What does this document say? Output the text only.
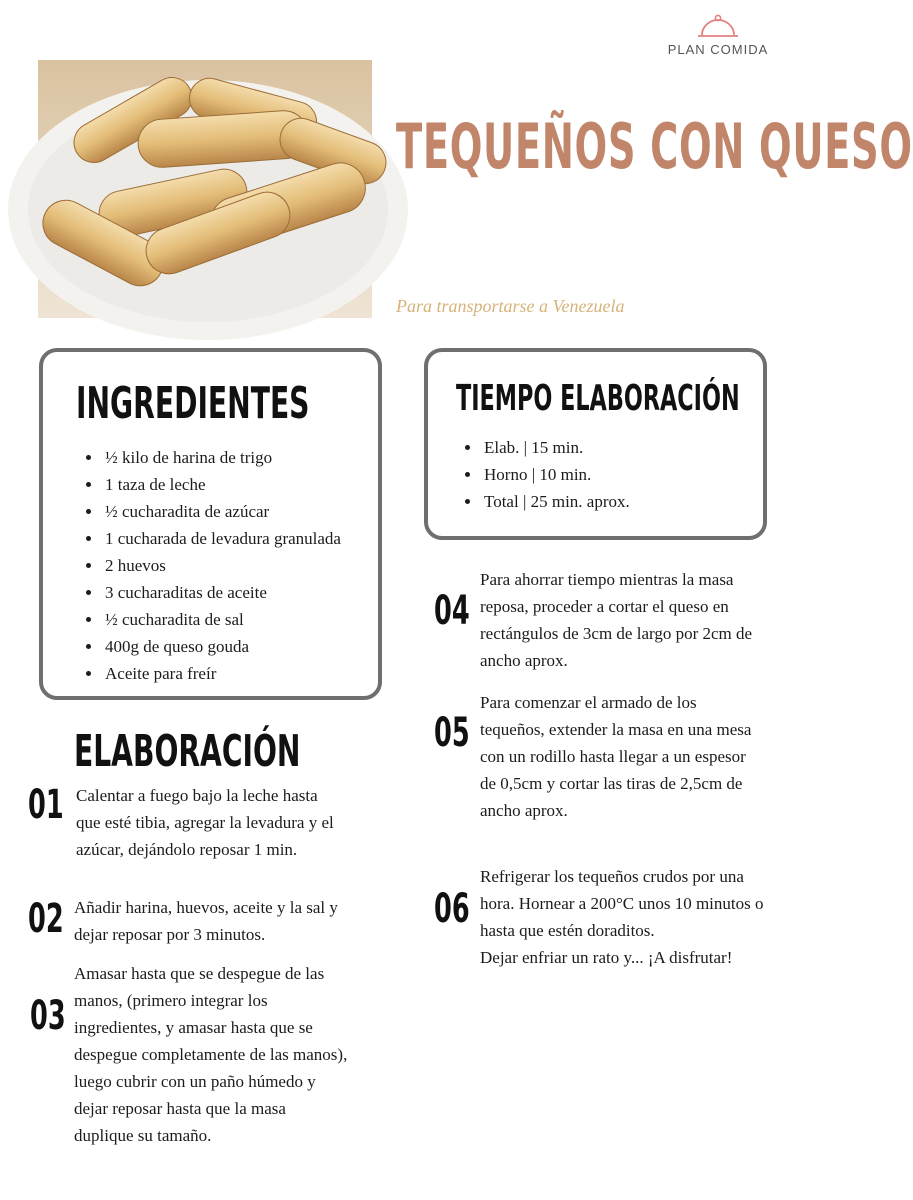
PLAN COMIDA
TEQUEÑOS CON QUESO
Para transportarse a Venezuela
INGREDIENTES
• ½ kilo de harina de trigo
• 1 taza de leche
• ½ cucharadita de azúcar
• 1 cucharada de levadura granulada
• 2 huevos
• 3 cucharaditas de aceite
• ½ cucharadita de sal
• 400g de queso gouda
• Aceite para freír
TIEMPO ELABORACIÓN
• Elab. | 15 min.
• Horno | 10 min.
• Total | 25 min. aprox.
ELABORACIÓN
01 Calentar a fuego bajo la leche hasta que esté tibia, agregar la levadura y el azúcar, dejándolo reposar 1 min.

02 Añadir harina, huevos, aceite y la sal y dejar reposar por 3 minutos.

03

Amasar hasta que se despegue de las manos, (primero integrar los ingredientes, y amasar hasta que se despegue completamente de las manos), luego cubrir con un paño húmedo y dejar reposar hasta que la masa duplique su tamaño.

04

Para ahorrar tiempo mientras la masa reposa, proceder a cortar el queso en rectángulos de 3cm de largo por 2cm de ancho aprox.

05

Para comenzar el armado de los tequeños, extender la masa en una mesa con un rodillo hasta llegar a un espesor de 0,5cm y cortar las tiras de 2,5cm de ancho aprox.

06

Refrigerar los tequeños crudos por una hora. Hornear a 200°C unos 10 minutos o hasta que estén doraditos.
Dejar enfriar un rato y... ¡A disfrutar!
